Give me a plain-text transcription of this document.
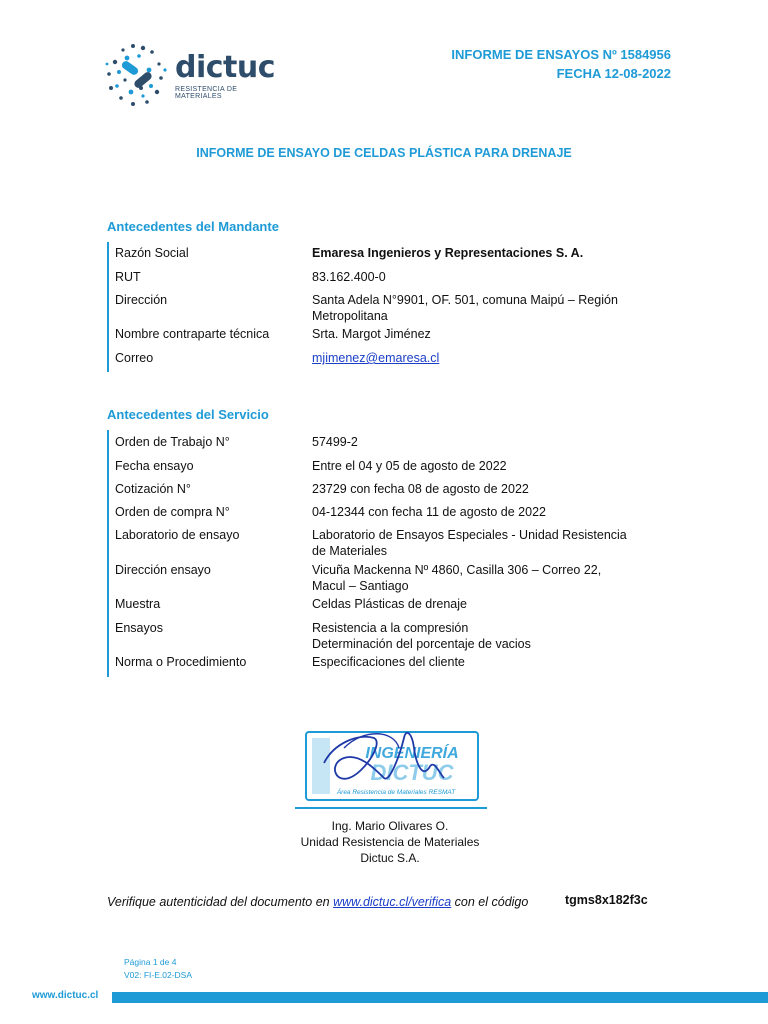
dictuc
RESISTENCIA DE MATERIALES
INFORME DE ENSAYOS Nº 1584956
FECHA 12-08-2022
INFORME DE ENSAYO DE CELDAS PLÁSTICA PARA DRENAJE
Antecedentes del Mandante
Razón Social	Emaresa Ingenieros y Representaciones S. A.
RUT	83.162.400-0
Dirección	Santa Adela N°9901, OF. 501, comuna Maipú – Región Metropolitana
Nombre contraparte técnica	Srta. Margot Jiménez
Correo	mjimenez@emaresa.cl
Antecedentes del Servicio
Orden de Trabajo N°	57499-2
Fecha ensayo	Entre el 04 y 05 de agosto de 2022
Cotización N°	23729 con fecha 08 de agosto de 2022
Orden de compra N°	04-12344 con fecha 11 de agosto de 2022
Laboratorio de ensayo	Laboratorio de Ensayos Especiales - Unidad Resistencia de Materiales
Dirección ensayo	Vicuña Mackenna Nº 4860, Casilla 306 – Correo 22, Macul – Santiago
Muestra	Celdas Plásticas de drenaje
Ensayos	Resistencia a la compresión
Determinación del porcentaje de vacios
Norma o Procedimiento	Especificaciones del cliente
INGENIERÍA
DICTUC
Área Resistencia de Materiales RESMAT
Ing. Mario Olivares O.
Unidad Resistencia de Materiales
Dictuc S.A.
Verifique autenticidad del documento en www.dictuc.cl/verifica con el código	tgms8x182f3c
Página 1 de 4
V02: FI-E.02-DSA
www.dictuc.cl
